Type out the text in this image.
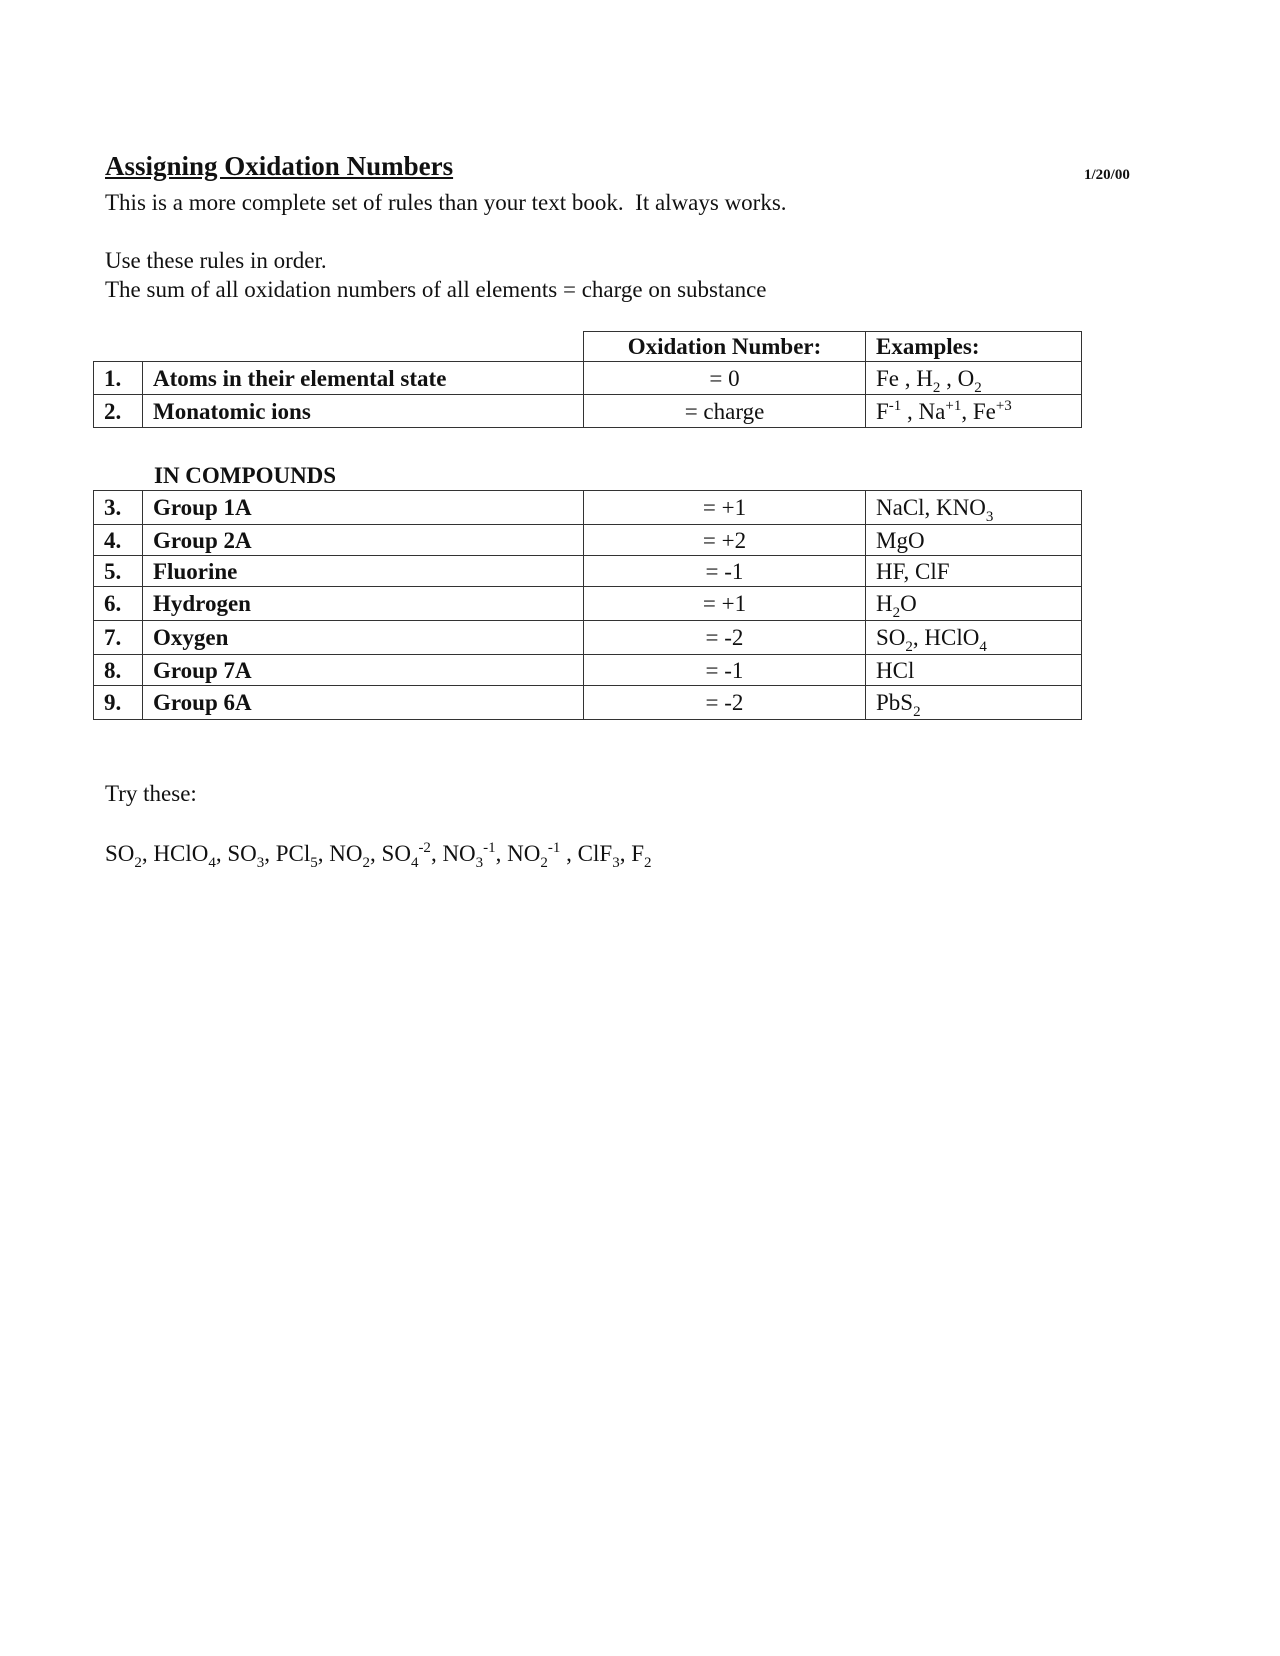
Assigning Oxidation Numbers	1/20/00
This is a more complete set of rules than your text book.  It always works.
Use these rules in order.
The sum of all oxidation numbers of all elements = charge on substance
		Oxidation Number:	Examples:
1.	Atoms in their elemental state	= 0	Fe , $H_2$ , $O_2$
2.	Monatomic ions	= charge	$F^{-1}$ , $Na^{+1}$, $Fe^{+3}$
IN COMPOUNDS
3.	Group 1A	= +1	NaCl, $KNO_3$
4.	Group 2A	= +2	MgO
5.	Fluorine	= -1	HF, ClF
6.	Hydrogen	= +1	$H_2O$
7.	Oxygen	= -2	$SO_2$, HClO$_4$
8.	Group 7A	= -1	HCl
9.	Group 6A	= -2	PbS$_2$
Try these:
$SO_2$, HClO$_4$, $SO_3$, PCl$_5$, $NO_2$, $SO_4^{-2}$, $NO_3^{-1}$, $NO_2^{-1}$ , ClF$_3$, $F_2$
